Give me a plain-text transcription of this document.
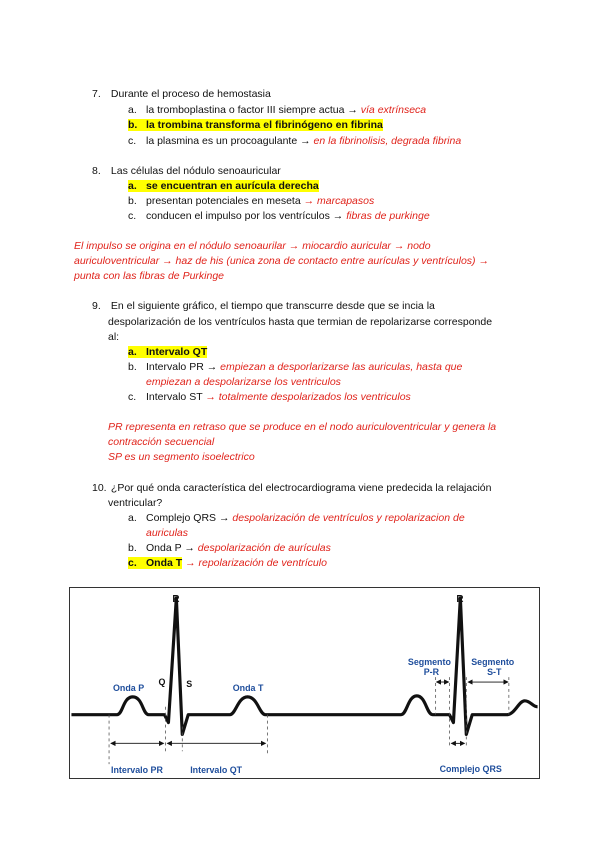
7. Durante el proceso de hemostasia
a. la tromboplastina o factor III siempre actua → vía extrínseca
b. la trombina transforma el fibrinógeno en fibrina
c. la plasmina es un procoagulante → en la fibrinolisis, degrada fibrina
8. Las células del nódulo senoauricular
a. se encuentran en aurícula derecha
b. presentan potenciales en meseta → marcapasos
c. conducen el impulso por los ventrículos → fibras de purkinge
El impulso se origina en el nódulo senoaurilar → miocardio auricular → nodo
auriculoventricular → haz de his (unica zona de contacto entre aurículas y ventrículos) →
punta con las fibras de Purkinge
9. En el siguiente gráfico, el tiempo que transcurre desde que se incia la
despolarización de los ventrículos hasta que termian de repolarizarse corresponde
al:
a. Intervalo QT
b. Intervalo PR → empiezan a desporlarizarse las auriculas, hasta que
empiezan a despolarizarse los ventriculos
c. Intervalo ST → totalmente despolarizados los ventriculos
PR representa en retraso que se produce en el nodo auriculoventricular y genera la
contracción secuencial
SP es un segmento isoelectrico
10. ¿Por qué onda característica del electrocardiograma viene predecida la relajación
ventricular?
a. Complejo QRS → despolarización de ventrículos y repolarizacion de
auriculas
b. Onda P → despolarización de aurículas
c. Onda T → repolarización de ventrículo
R	R
Q S
Onda P	Onda T
Segmento
P-R
Segmento
S-T
Intervalo PR	Intervalo QT	Complejo QRS
